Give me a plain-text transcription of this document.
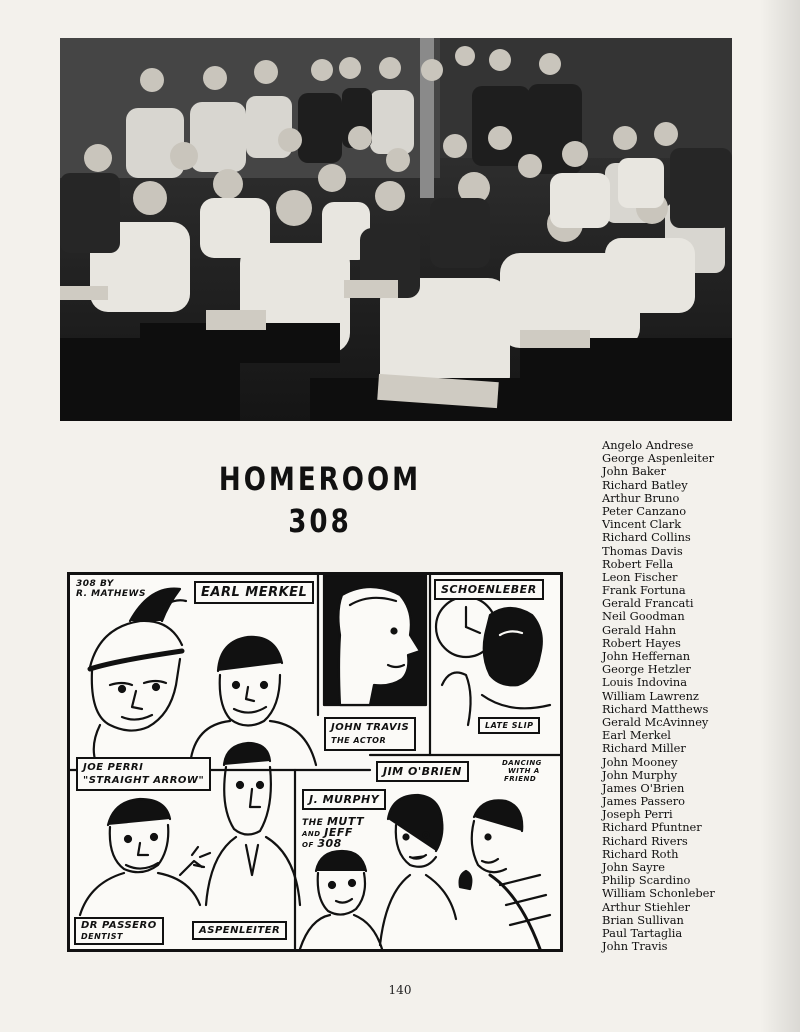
HOMEROOM
308
Angelo Andrese
George Aspenleiter
John Baker
Richard Batley
Arthur Bruno
Peter Canzano
Vincent Clark
Richard Collins
Thomas Davis
Robert Fella
Leon Fischer
Frank Fortuna
Gerald Francati
Neil Goodman
Gerald Hahn
Robert Hayes
John Heffernan
George Hetzler
Louis Indovina
William Lawrenz
Richard Matthews
Gerald McAvinney
Earl Merkel
Richard Miller
John Mooney
John Murphy
James O'Brien
James Passero
Joseph Perri
Richard Pfuntner
Richard Rivers
Richard Roth
John Sayre
Philip Scardino
William Schonleber
Arthur Stiehler
Brian Sullivan
Paul Tartaglia
John Travis
308 BY
R. MATHEWS	EARL MERKEL	SCHOENLEBER
JOHN TRAVIS
THE ACTOR
LATE SLIP
JOE PERRI
"STRAIGHT ARROW"
JIM O'BRIEN
DANCING
WITH A
FRIEND
J. MURPHY
THE MUTT
AND JEFF
OF 308
DR PASSERO
DENTIST
ASPENLEITER
140
